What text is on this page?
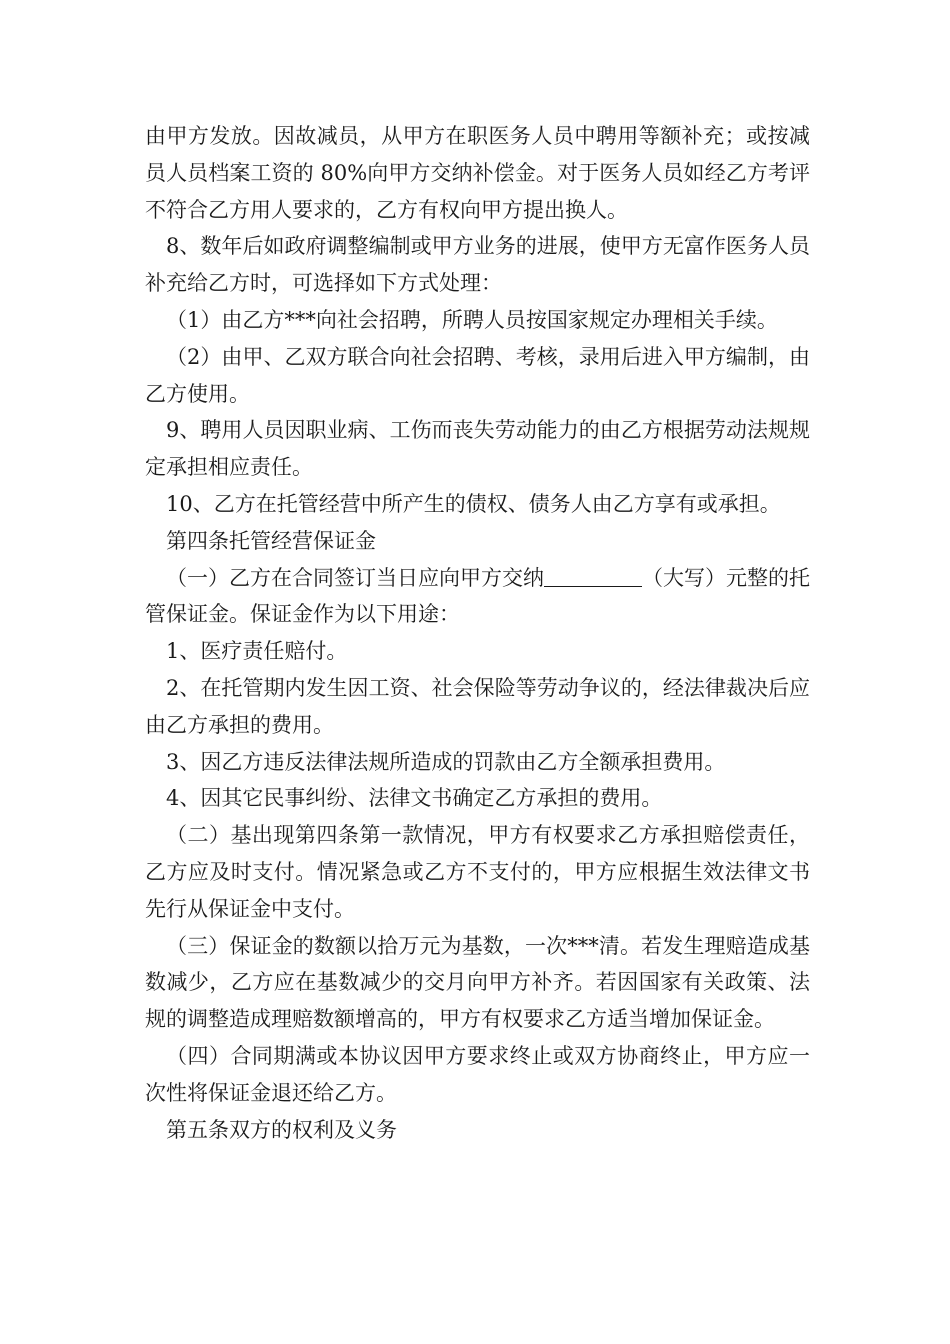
由甲方发放。因故减员，从甲方在职医务人员中聘用等额补充；或按减员人员档案工资的 80%向甲方交纳补偿金。对于医务人员如经乙方考评不符合乙方用人要求的，乙方有权向甲方提出换人。

8、数年后如政府调整编制或甲方业务的进展，使甲方无富作医务人员补充给乙方时，可选择如下方式处理：

（1）由乙方***向社会招聘，所聘人员按国家规定办理相关手续。

（2）由甲、乙双方联合向社会招聘、考核，录用后进入甲方编制，由乙方使用。

9、聘用人员因职业病、工伤而丧失劳动能力的由乙方根据劳动法规规定承担相应责任。

10、乙方在托管经营中所产生的债权、债务人由乙方享有或承担。

第四条托管经营保证金

（一）乙方在合同签订当日应向甲方交纳	（大写）元整的托管保证金。保证金作为以下用途：

1、医疗责任赔付。

2、在托管期内发生因工资、社会保险等劳动争议的，经法律裁决后应由乙方承担的费用。

3、因乙方违反法律法规所造成的罚款由乙方全额承担费用。

4、因其它民事纠纷、法律文书确定乙方承担的费用。

（二）基出现第四条第一款情况，甲方有权要求乙方承担赔偿责任，乙方应及时支付。情况紧急或乙方不支付的，甲方应根据生效法律文书先行从保证金中支付。

（三）保证金的数额以拾万元为基数，一次***清。若发生理赔造成基数减少，乙方应在基数减少的交月向甲方补齐。若因国家有关政策、法规的调整造成理赔数额增高的，甲方有权要求乙方适当增加保证金。

（四）合同期满或本协议因甲方要求终止或双方协商终止，甲方应一次性将保证金退还给乙方。

第五条双方的权利及义务
